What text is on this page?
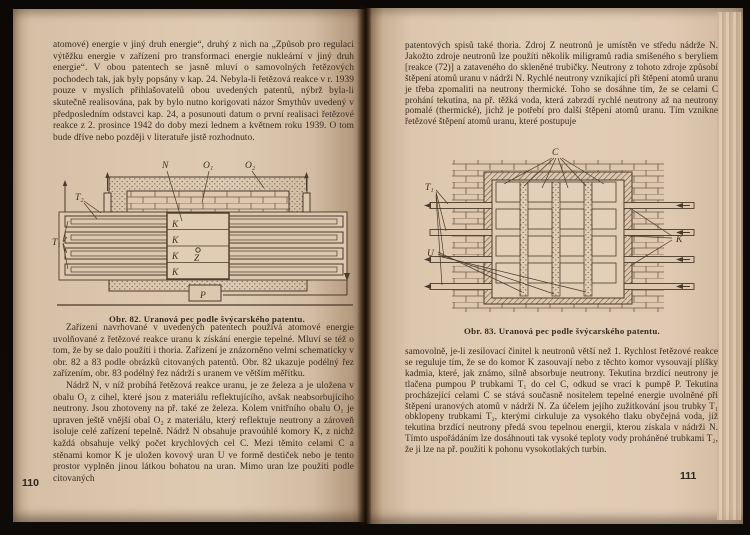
atomové) energie v jiný druh energie“, druhý z nich na „Způsob pro regulaci výtěžku energie v zařízení pro transformaci energie nukleární v jiný druh energie“. V obou patentech se jasně mluví o samovolných řetězových pochodech tak, jak byly popsány v kap. 24. Nebyla-li řetězová reakce v r. 1939 pouze v myslích přihlašovatelů obou uvedených patentů, nýbrž byla-li skutečně realisována, pak by bylo nutno korigovati názor Smythův uvedený v předposledním odstavci kap. 24, a posunouti datum o první realisaci řetězové reakce z 2. prosince 1942 do doby mezi lednem a květnem roku 1939. O tom bude dříve nebo později v literatuře jistě rozhodnuto.
N	O₁	O₂
T₂
T₁
K
K
K
K
Z
P
Obr. 82. Uranová pec podle švýcarského patentu.
Zařízení navrhované v uvedených patentech používá atomové energie uvolňované z řetězové reakce uranu k získání energie tepelné. Mluví se též o tom, že by se dalo použíti i thoria. Zařízení je znázorněno velmi schematicky v obr. 82 a 83 podle obrázků citovaných patentů. Obr. 82 ukazuje podélný řez zařízením, obr. 83 podélný řez nádrží s uranem ve větším měřítku.
Nádrž N, v níž probíhá řetězová reakce uranu, je ze železa a je uložena v obalu O₁ z cihel, které jsou z materiálu reflektujícího, avšak neabsorbujícího neutrony. Jsou zhotoveny na př. také ze železa. Kolem vnitřního obalu O₁ je upraven ještě vnější obal O₂ z materiálu, který reflektuje neutrony a zároveň isoluje celé zařízení tepelně. Nádrž N obsahuje pravoúhlé komory K, z nichž každá obsahuje velký počet krychlových cel C. Mezi těmito celami C a stěnami komor K je uložen kovový uran U ve formě destiček nebo je tento prostor vyplněn jinou látkou bohatou na uran. Mimo uran lze použíti podle citovaných
110
patentových spisů také thoria. Zdroj Z neutronů je umístěn ve středu nádrže N. Jakožto zdroje neutronů lze použíti několik miligramů radia smíšeného s beryliem [reakce (72)] a zataveného do skleněné trubičky. Neutrony z tohoto zdroje způsobí štěpení atomů uranu v nádrži N. Rychlé neutrony vznikající při štěpení atomů uranu je třeba zpomaliti na neutrony thermické. Toho se dosáhne tím, že se celami C prohání tekutina, na př. těžká voda, která zabrzdí rychlé neutrony až na neutrony pomalé (thermické), jichž je potřebí pro další štěpení atomů uranu. Tím vznikne řetězové štěpení atomů uranu, které postupuje
C
T₁
U
K
Obr. 83. Uranová pec podle švýcarského patentu.
samovolně, je-li zesilovací činitel k neutronů větší než 1. Rychlost řetězové reakce se reguluje tím, že se do komor K zasouvají nebo z těchto komor vysouvají plíšky kadmia, které, jak známo, silně absorbuje neutrony. Tekutina brzdící neutrony je tlačena pumpou P trubkami T₁ do cel C, odkud se vrací k pumpě P. Tekutina procházející celami C se stává současně nositelem tepelné energie uvolněné při štěpení uranových atomů v nádrži N. Za účelem jejího zužitkování jsou trubky T₁ obklopeny trubkami T₂, kterými cirkuluje za vysokého tlaku obyčejná voda, jíž tekutina brzdící neutrony předá svou tepelnou energii, kterou získala v nádrži N. Tímto uspořádáním lze dosáhnouti tak vysoké teploty vody proháněné trubkami T₂, že ji lze na př. použíti k pohonu vysokotlakých turbin.
111
